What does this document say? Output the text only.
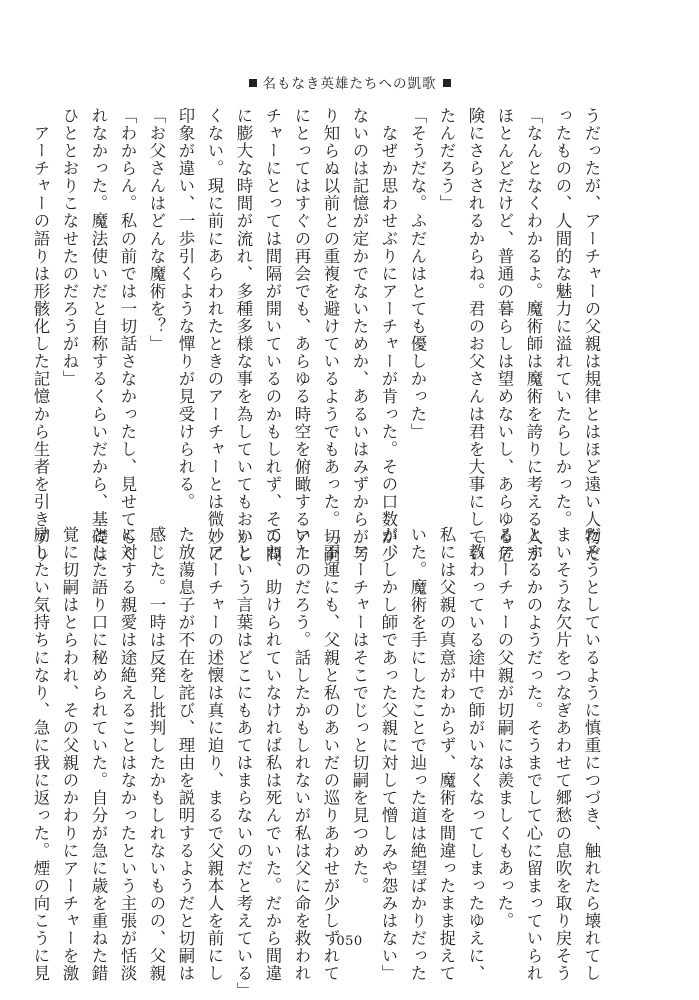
名もなき英雄たちへの凱歌
うだったが、アーチャーの父親は規律とはほど遠い人物だ
ったものの、人間的な魅力に溢れていたらしかった。
「なんとなくわかるよ。魔術師は魔術を誇りに考える人が
ほとんどだけど、普通の暮らしは望めないし、あらゆる危
険にさらされるからね。君のお父さんは君を大事にしてい
たんだろう」
「そうだな。ふだんはとても優しかった」
　なぜか思わせぶりにアーチャーが肯った。その口数が少
ないのは記憶が定かでないためか、あるいはみずからが与
り知らぬ以前との重複を避けているようでもあった。切嗣
にとってはすぐの再会でも、あらゆる時空を俯瞰するアー
チャーにとっては間隔が開いているのかもしれず、その間
に膨大な時間が流れ、多種多様な事を為していてもおかし
くない。現に前にあらわれたときのアーチャーとは微妙に
印象が違い、一歩引くような憚りが見受けられる。
「お父さんはどんな魔術を？」
「わからん。私の前では一切話さなかったし、見せてもく
れなかった。魔法使いだと自称するくらいだから、基礎は
ひととおりこなせたのだろうがね」
　アーチャーの語りは形骸化した記憶から生者を引きずり
だそうとしているように慎重につづき、触れたら壊れてし
まいそうな欠片をつなぎあわせて郷愁の息吹を取り戻そう
とするかのようだった。そうまでして心に留まっていられ
るアーチャーの父親が切嗣には羨ましくもあった。
「教わっている途中で師がいなくなってしまったゆえに、
私には父親の真意がわからず、魔術を間違ったまま捉えて
いた。魔術を手にしたことで辿った道は絶望ばかりだった
が、しかし師であった父親に対して憎しみや怨みはない」
　アーチャーはそこでじっと切嗣を見つめた。
「不運にも、父親と私のあいだの巡りあわせが少しずれて
いたのだろう。話したかもしれないが私は父に命を救われ
てね、助けられていなければ私は死んでいた。だから間違
いという言葉はどこにもあてはまらないのだと考えている」
　アーチャーの述懐は真に迫り、まるで父親本人を前にし
た放蕩息子が不在を詫び、理由を説明するようだと切嗣は
感じた。一時は反発し批判したかもしれないものの、父親
に対する親愛は途絶えることはなかったという主張が恬淡
とした語り口に秘められていた。自分が急に歳を重ねた錯
覚に切嗣はとらわれ、その父親のかわりにアーチャーを激
励したい気持ちになり、急に我に返った。煙の向こうに見	050
